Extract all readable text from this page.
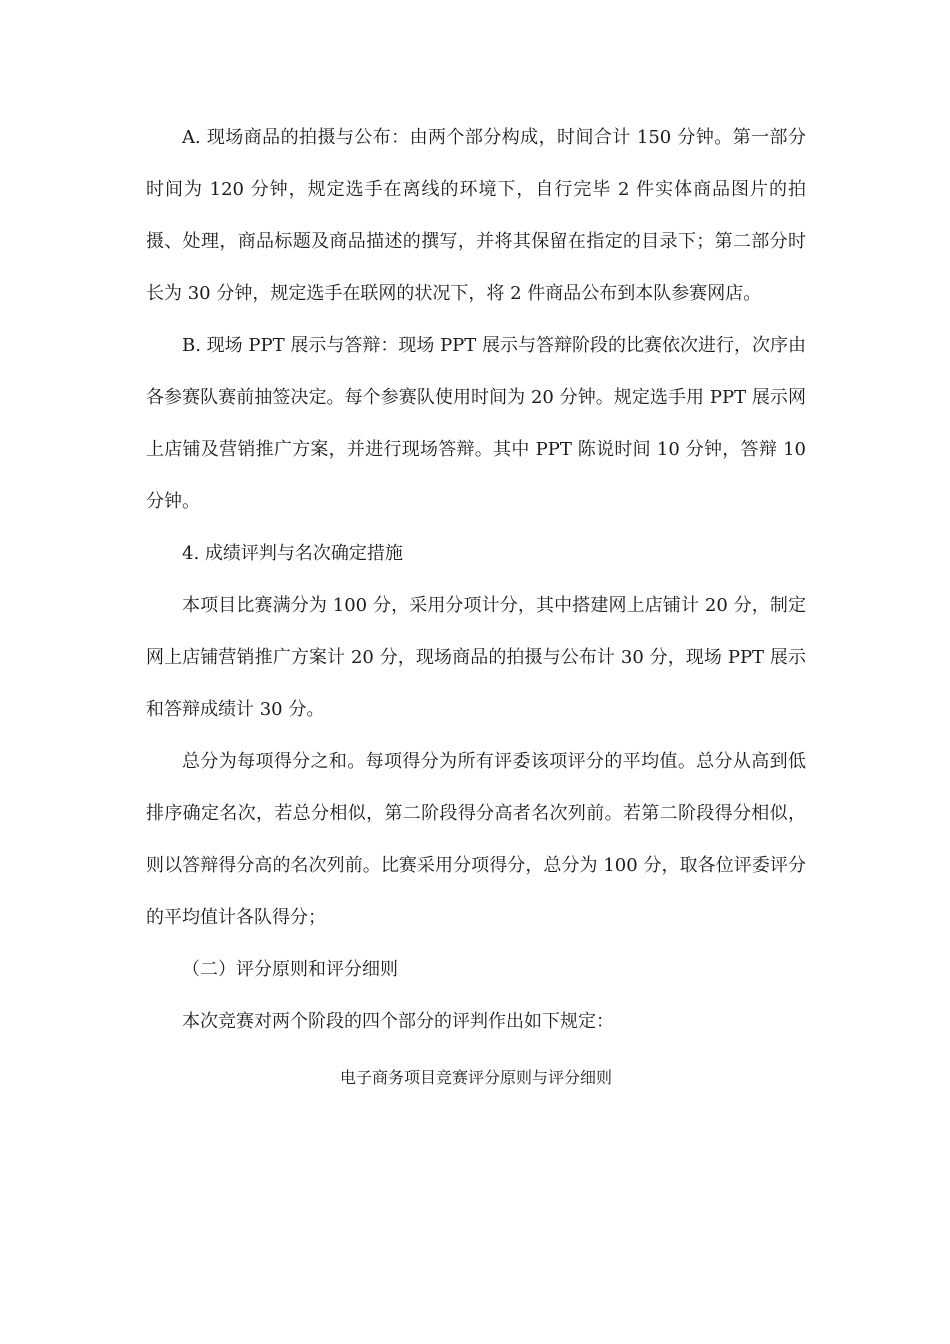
A. 现场商品的拍摄与公布：由两个部分构成，时间合计 150 分钟。第一部分时间为 120 分钟，规定选手在离线的环境下，自行完毕 2 件实体商品图片的拍摄、处理，商品标题及商品描述的撰写，并将其保留在指定的目录下；第二部分时长为 30 分钟，规定选手在联网的状况下，将 2 件商品公布到本队参赛网店。

B. 现场 PPT 展示与答辩：现场 PPT 展示与答辩阶段的比赛依次进行，次序由各参赛队赛前抽签决定。每个参赛队使用时间为 20 分钟。规定选手用 PPT 展示网上店铺及营销推广方案，并进行现场答辩。其中 PPT 陈说时间 10 分钟，答辩 10 分钟。

4. 成绩评判与名次确定措施

本项目比赛满分为 100 分，采用分项计分，其中搭建网上店铺计 20 分，制定网上店铺营销推广方案计 20 分，现场商品的拍摄与公布计 30 分，现场 PPT 展示和答辩成绩计 30 分。

总分为每项得分之和。每项得分为所有评委该项评分的平均值。总分从高到低排序确定名次，若总分相似，第二阶段得分高者名次列前。若第二阶段得分相似，则以答辩得分高的名次列前。比赛采用分项得分，总分为 100 分，取各位评委评分的平均值计各队得分；

（二）评分原则和评分细则

本次竞赛对两个阶段的四个部分的评判作出如下规定：

电子商务项目竞赛评分原则与评分细则
